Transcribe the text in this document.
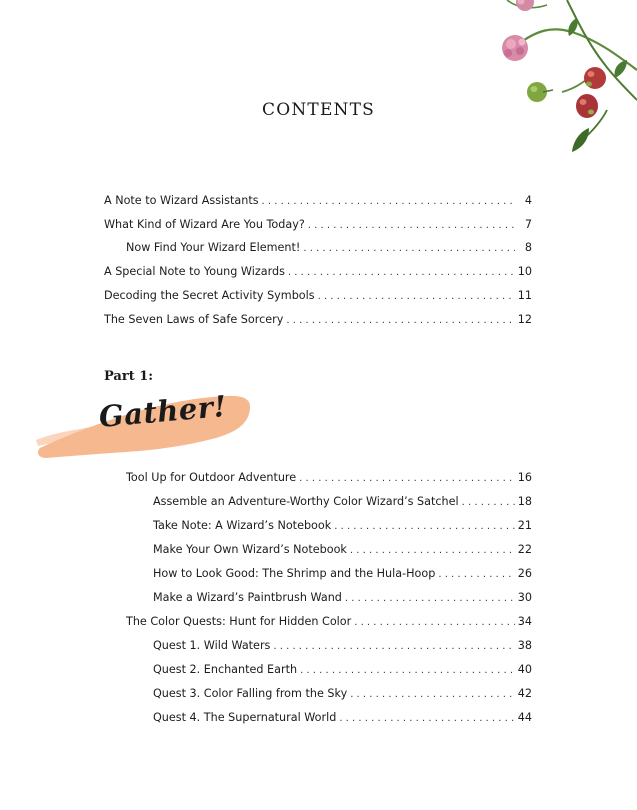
CONTENTS
A Note to Wizard Assistants . . .	4
What Kind of Wizard Are You Today? . . .	7
Now Find Your Wizard Element! . . .	8
A Special Note to Young Wizards . . .	10
Decoding the Secret Activity Symbols . . .	11
The Seven Laws of Safe Sorcery . . .	12
Part 1:
Gather!
Tool Up for Outdoor Adventure . . .	16
Assemble an Adventure-Worthy Color Wizard’s Satchel . . .	18
Take Note: A Wizard’s Notebook . . .	21
Make Your Own Wizard’s Notebook . . .	22
How to Look Good: The Shrimp and the Hula-Hoop . . .	26
Make a Wizard’s Paintbrush Wand . . .	30
The Color Quests: Hunt for Hidden Color . . .	34
Quest 1. Wild Waters . . .	38
Quest 2. Enchanted Earth . . .	40
Quest 3. Color Falling from the Sky . . .	42
Quest 4. The Supernatural World . . .	44
